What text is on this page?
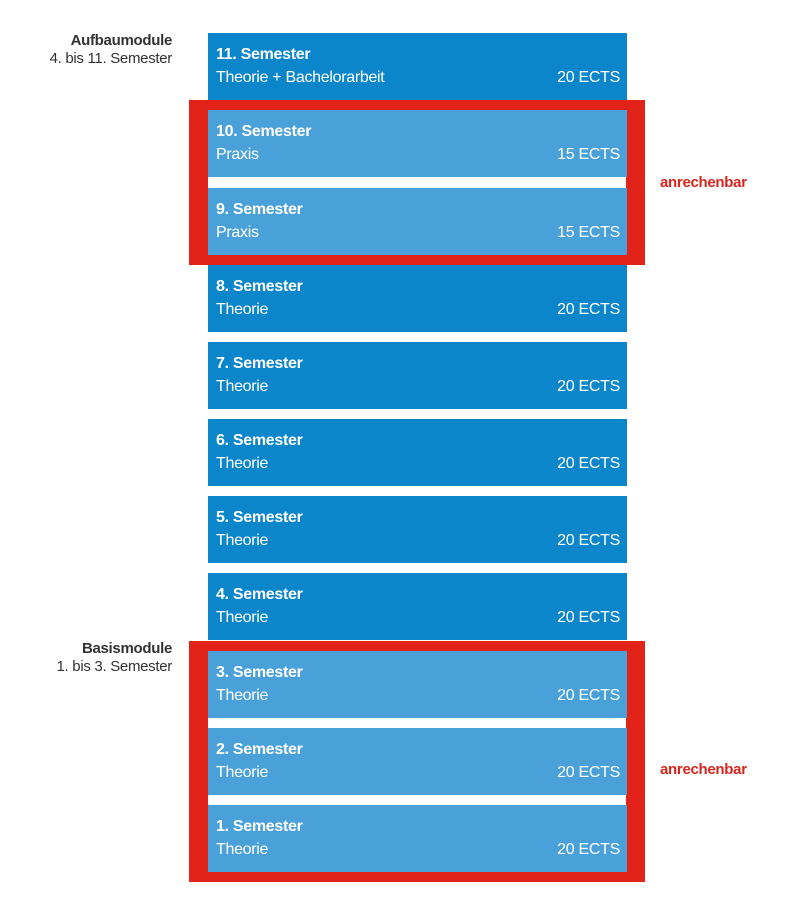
Aufbaumodule
4. bis 11. Semester
Basismodule
1. bis 3. Semester
anrechenbar
anrechenbar
11. Semester
Theorie + Bachelorarbeit	20 ECTS
10. Semester
Praxis	15 ECTS
9. Semester
Praxis	15 ECTS
8. Semester
Theorie	20 ECTS
7. Semester
Theorie	20 ECTS
6. Semester
Theorie	20 ECTS
5. Semester
Theorie	20 ECTS
4. Semester
Theorie	20 ECTS
3. Semester
Theorie	20 ECTS
2. Semester
Theorie	20 ECTS
1. Semester
Theorie	20 ECTS
